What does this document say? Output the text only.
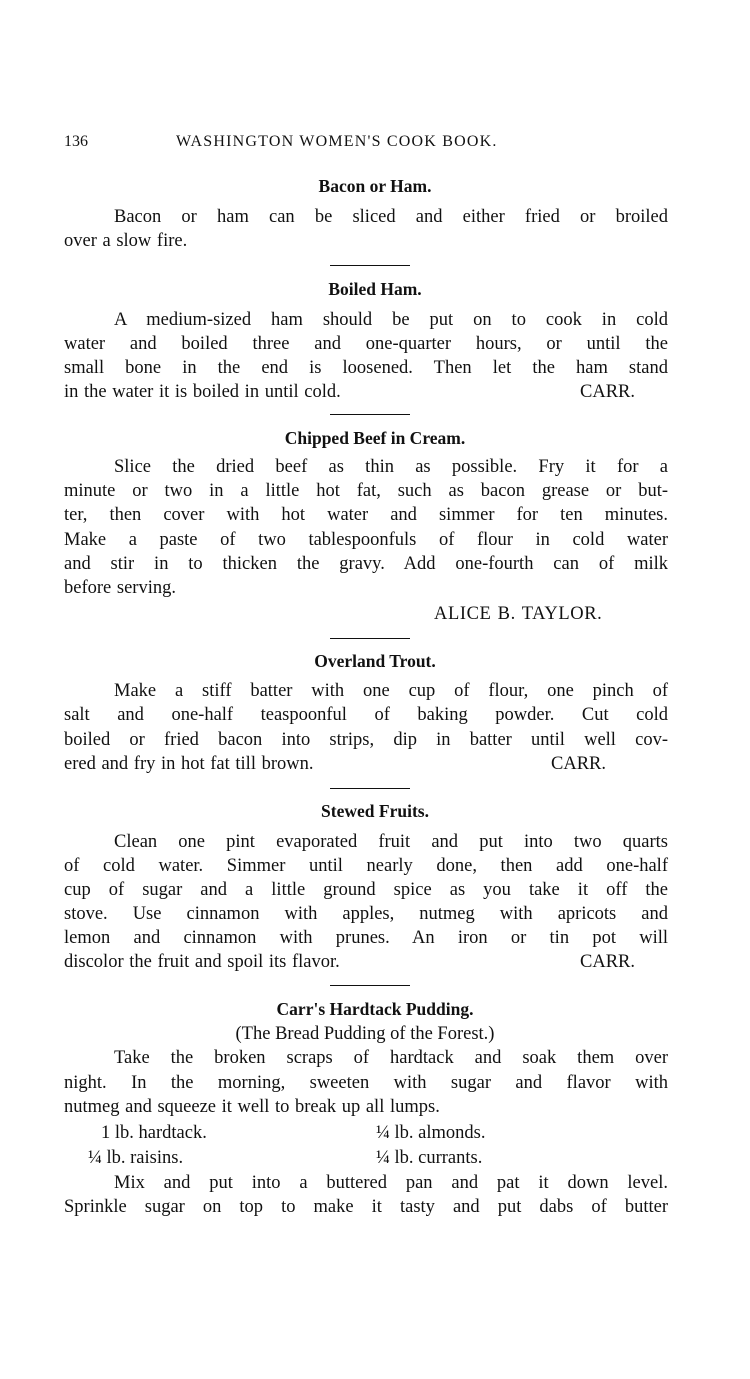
136	WASHINGTON WOMEN'S COOK BOOK.
Bacon or Ham.
Bacon or ham can be sliced and either fried or broiled
over a slow fire.
Boiled Ham.
A medium-sized ham should be put on to cook in cold
water and boiled three and one-quarter hours, or until the
small bone in the end is loosened. Then let the ham stand
in the water it is boiled in until cold.	CARR.
Chipped Beef in Cream.
Slice the dried beef as thin as possible. Fry it for a
minute or two in a little hot fat, such as bacon grease or but-
ter, then cover with hot water and simmer for ten minutes.
Make a paste of two tablespoonfuls of flour in cold water
and stir in to thicken the gravy. Add one-fourth can of milk
before serving.
ALICE B. TAYLOR.
Overland Trout.
Make a stiff batter with one cup of flour, one pinch of
salt and one-half teaspoonful of baking powder. Cut cold
boiled or fried bacon into strips, dip in batter until well cov-
ered and fry in hot fat till brown.	CARR.
Stewed Fruits.
Clean one pint evaporated fruit and put into two quarts
of cold water. Simmer until nearly done, then add one-half
cup of sugar and a little ground spice as you take it off the
stove. Use cinnamon with apples, nutmeg with apricots and
lemon and cinnamon with prunes. An iron or tin pot will
discolor the fruit and spoil its flavor.	CARR.
Carr's Hardtack Pudding.
(The Bread Pudding of the Forest.)
Take the broken scraps of hardtack and soak them over
night. In the morning, sweeten with sugar and flavor with
nutmeg and squeeze it well to break up all lumps.
1 lb. hardtack.	¼ lb. almonds.
¼ lb. raisins.	¼ lb. currants.
Mix and put into a buttered pan and pat it down level.
Sprinkle sugar on top to make it tasty and put dabs of butter
